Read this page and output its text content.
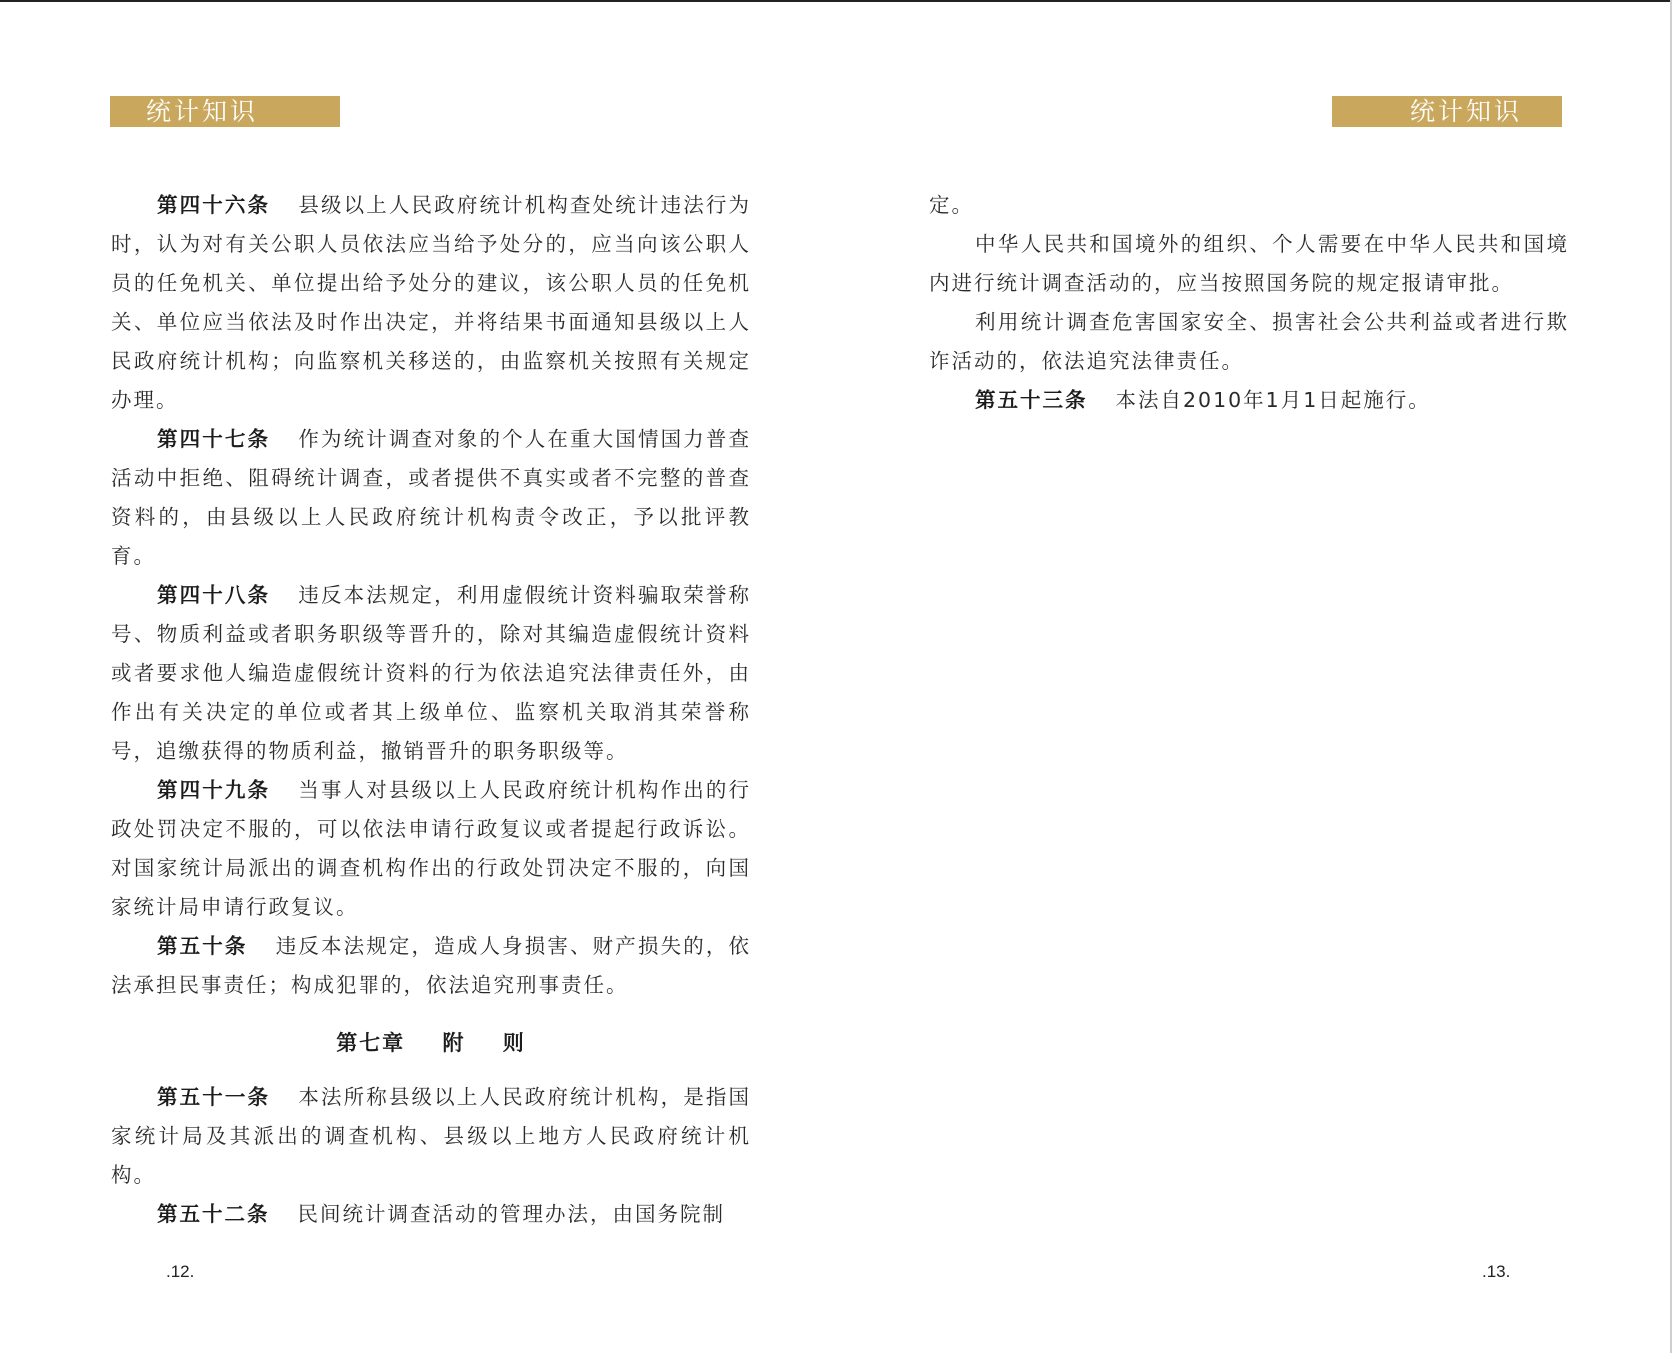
统计知识

第四十六条 县级以上人民政府统计机构查处统计违法行为时，认为对有关公职人员依法应当给予处分的，应当向该公职人员的任免机关、单位提出给予处分的建议，该公职人员的任免机关、单位应当依法及时作出决定，并将结果书面通知县级以上人民政府统计机构；向监察机关移送的，由监察机关按照有关规定办理。

第四十七条 作为统计调查对象的个人在重大国情国力普查活动中拒绝、阻碍统计调查，或者提供不真实或者不完整的普查资料的，由县级以上人民政府统计机构责令改正，予以批评教育。

第四十八条 违反本法规定，利用虚假统计资料骗取荣誉称号、物质利益或者职务职级等晋升的，除对其编造虚假统计资料或者要求他人编造虚假统计资料的行为依法追究法律责任外，由作出有关决定的单位或者其上级单位、监察机关取消其荣誉称号，追缴获得的物质利益，撤销晋升的职务职级等。

第四十九条 当事人对县级以上人民政府统计机构作出的行政处罚决定不服的，可以依法申请行政复议或者提起行政诉讼。对国家统计局派出的调查机构作出的行政处罚决定不服的，向国家统计局申请行政复议。

第五十条 违反本法规定，造成人身损害、财产损失的，依法承担民事责任；构成犯罪的，依法追究刑事责任。

第七章 附 则

第五十一条 本法所称县级以上人民政府统计机构，是指国家统计局及其派出的调查机构、县级以上地方人民政府统计机构。

第五十二条 民间统计调查活动的管理办法，由国务院制

.12.
统计知识

定。

中华人民共和国境外的组织、个人需要在中华人民共和国境内进行统计调查活动的，应当按照国务院的规定报请审批。

利用统计调查危害国家安全、损害社会公共利益或者进行欺诈活动的，依法追究法律责任。

第五十三条 本法自2010年1月1日起施行。

.13.
